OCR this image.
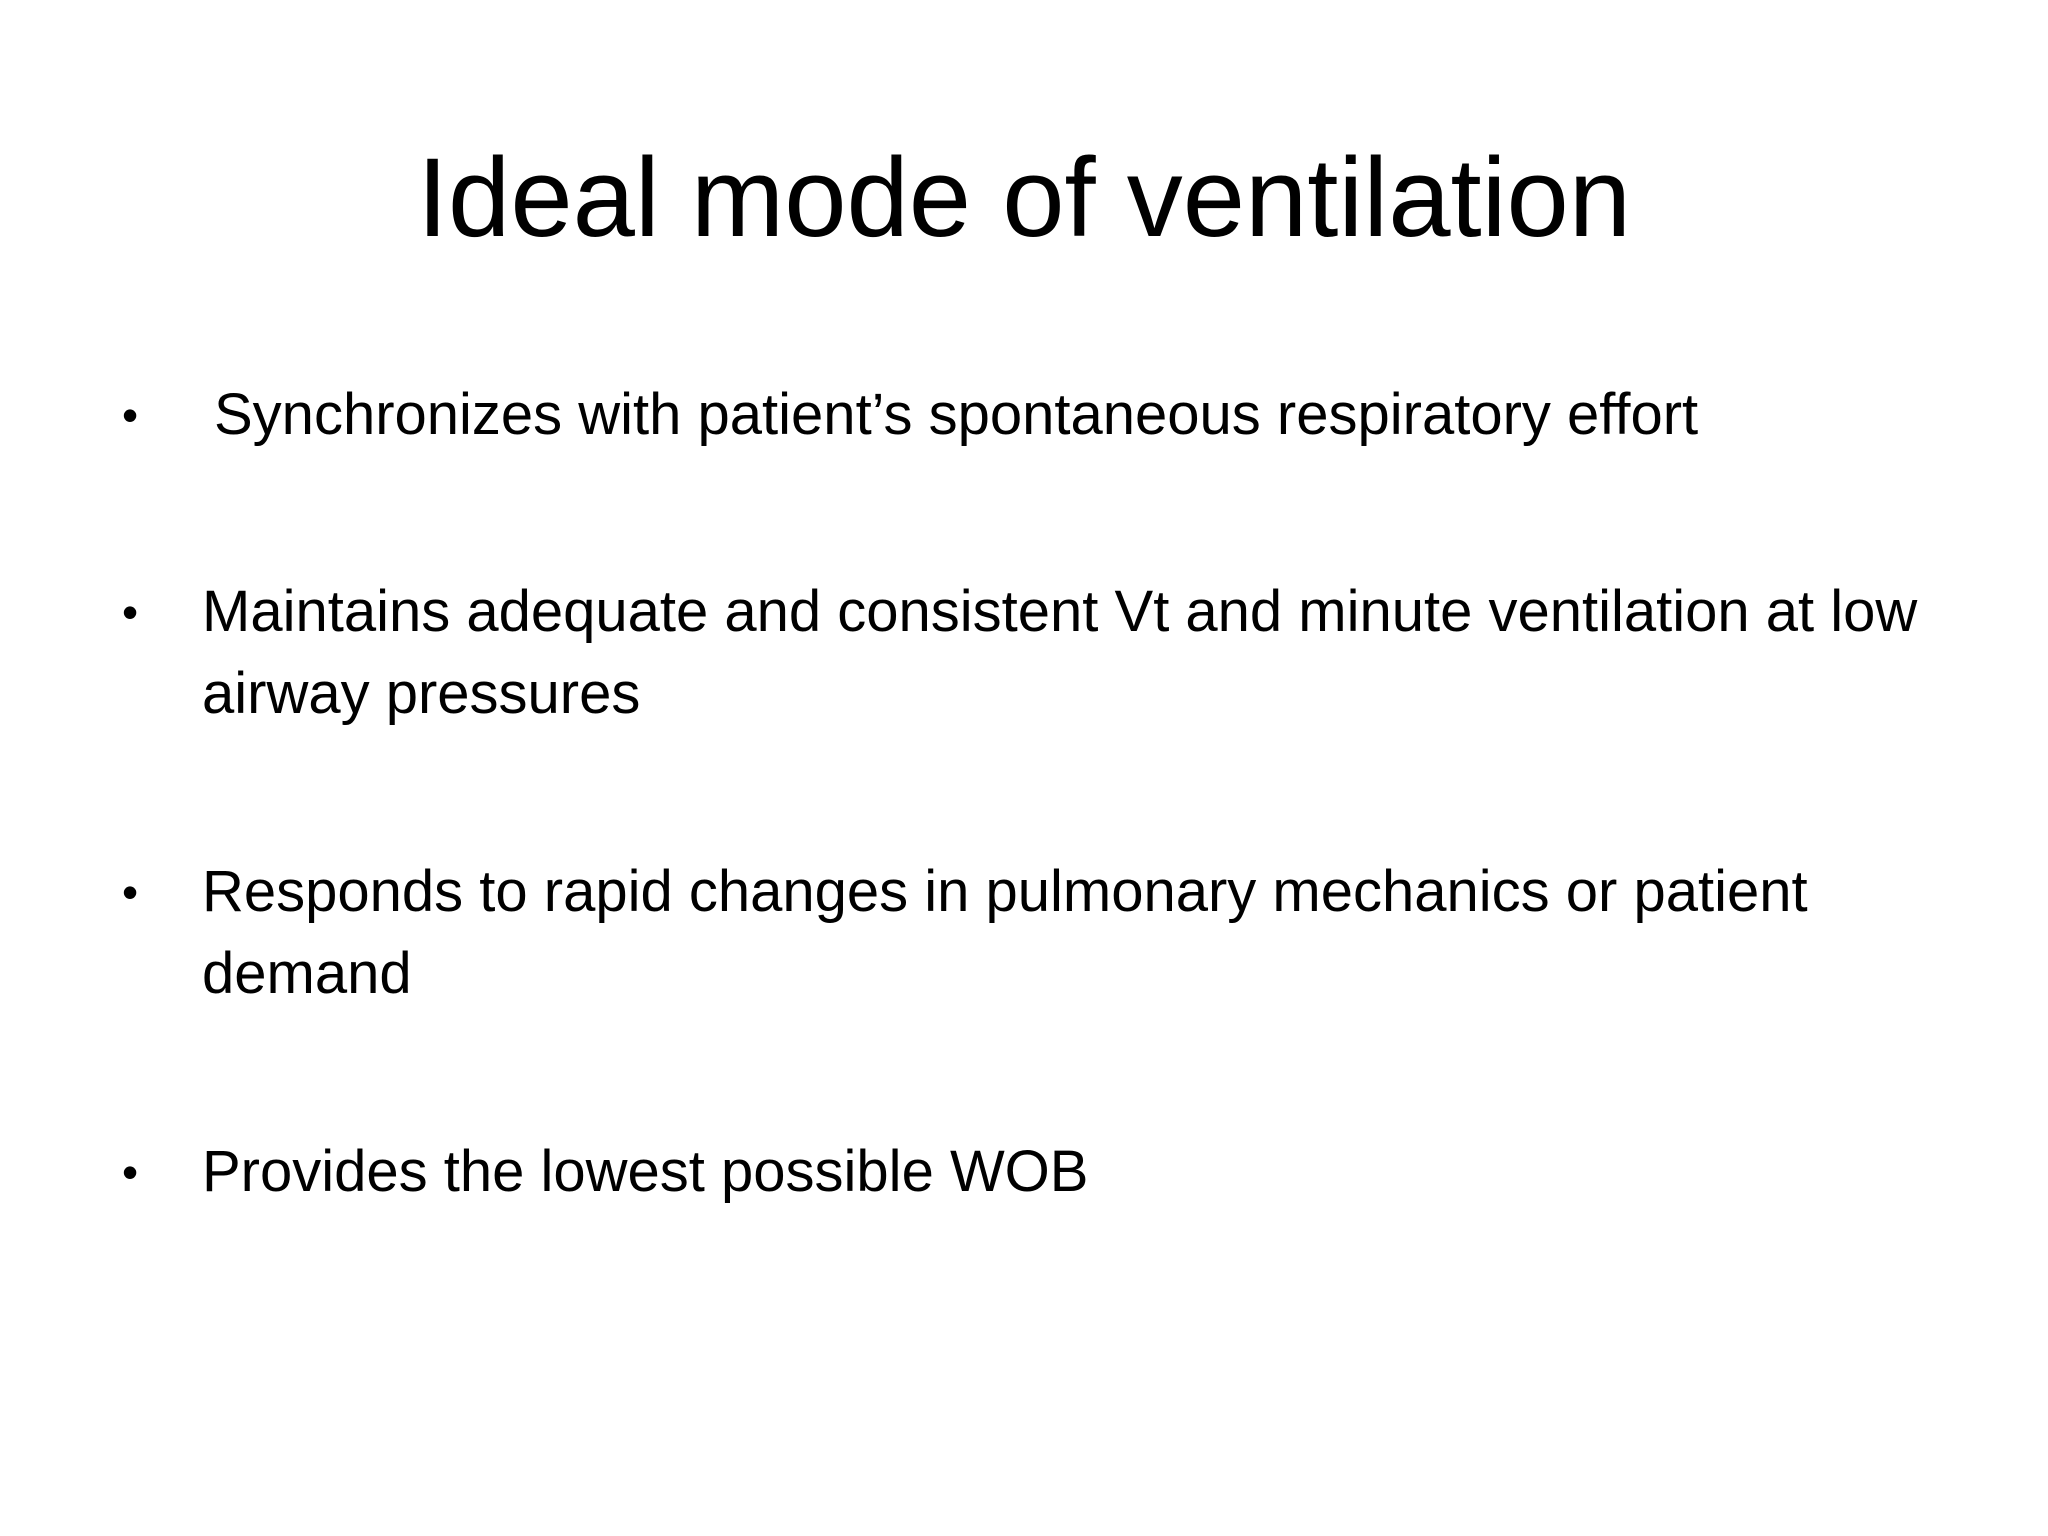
Ideal mode of ventilation
• Synchronizes with patient’s spontaneous respiratory effort
• Maintains adequate and consistent Vt and minute ventilation at low airway pressures
• Responds to rapid changes in pulmonary mechanics or patient demand
• Provides the lowest possible WOB
